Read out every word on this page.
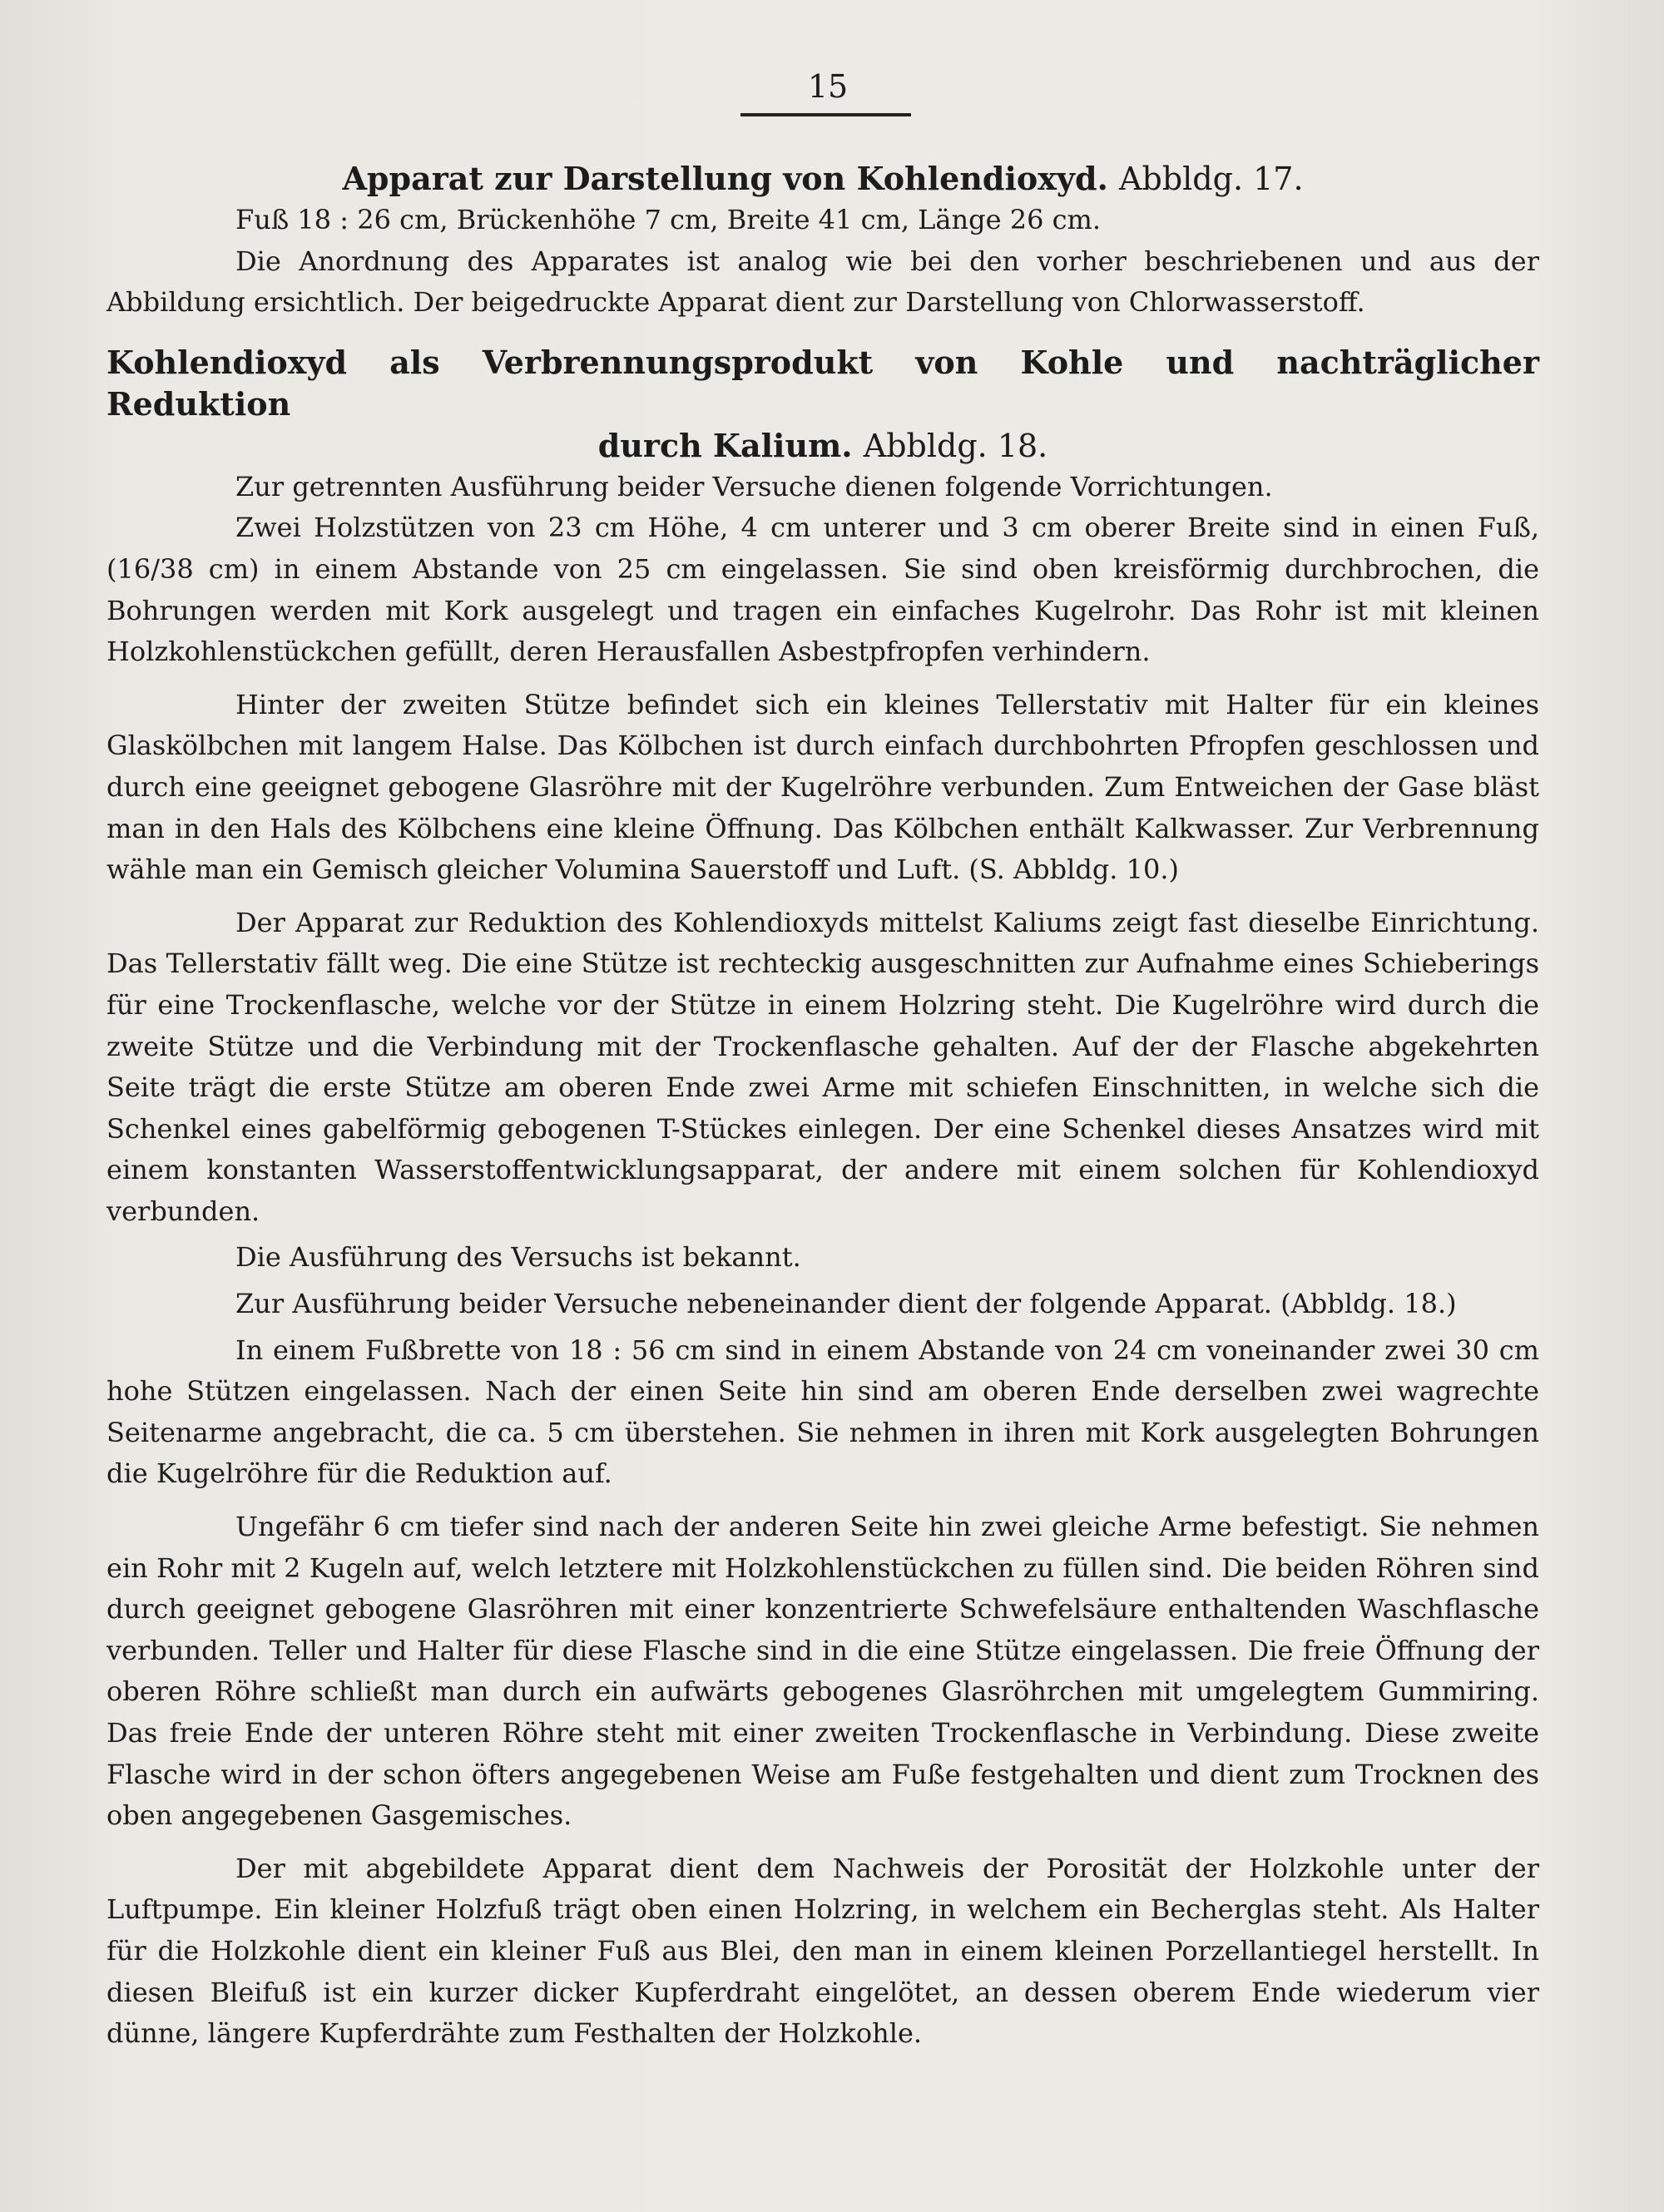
15
Apparat zur Darstellung von Kohlendioxyd. Abbldg. 17.

Fuß 18 : 26 cm, Brückenhöhe 7 cm, Breite 41 cm, Länge 26 cm.

Die Anordnung des Apparates ist analog wie bei den vorher beschriebenen und aus der Abbildung ersichtlich. Der beigedruckte Apparat dient zur Darstellung von Chlorwasserstoff.

Kohlendioxyd als Verbrennungsprodukt von Kohle und nachträglicher Reduktion
durch Kalium. Abbldg. 18.

Zur getrennten Ausführung beider Versuche dienen folgende Vorrichtungen.

Zwei Holzstützen von 23 cm Höhe, 4 cm unterer und 3 cm oberer Breite sind in einen Fuß, (16/38 cm) in einem Abstande von 25 cm eingelassen. Sie sind oben kreisförmig durchbrochen, die Bohrungen werden mit Kork ausgelegt und tragen ein einfaches Kugelrohr. Das Rohr ist mit kleinen Holzkohlenstückchen gefüllt, deren Herausfallen Asbestpfropfen verhindern.

Hinter der zweiten Stütze befindet sich ein kleines Tellerstativ mit Halter für ein kleines Glaskölbchen mit langem Halse. Das Kölbchen ist durch einfach durchbohrten Pfropfen geschlossen und durch eine geeignet gebogene Glasröhre mit der Kugelröhre verbunden. Zum Entweichen der Gase bläst man in den Hals des Kölbchens eine kleine Öffnung. Das Kölbchen enthält Kalkwasser. Zur Verbrennung wähle man ein Gemisch gleicher Volumina Sauerstoff und Luft. (S. Abbldg. 10.)

Der Apparat zur Reduktion des Kohlendioxyds mittelst Kaliums zeigt fast dieselbe Einrichtung. Das Tellerstativ fällt weg. Die eine Stütze ist rechteckig ausgeschnitten zur Aufnahme eines Schieberings für eine Trockenflasche, welche vor der Stütze in einem Holzring steht. Die Kugelröhre wird durch die zweite Stütze und die Verbindung mit der Trockenflasche gehalten. Auf der der Flasche abgekehrten Seite trägt die erste Stütze am oberen Ende zwei Arme mit schiefen Einschnitten, in welche sich die Schenkel eines gabelförmig gebogenen T-Stückes einlegen. Der eine Schenkel dieses Ansatzes wird mit einem konstanten Wasserstoffentwicklungsapparat, der andere mit einem solchen für Kohlendioxyd verbunden.

Die Ausführung des Versuchs ist bekannt.

Zur Ausführung beider Versuche nebeneinander dient der folgende Apparat. (Abbldg. 18.)

In einem Fußbrette von 18 : 56 cm sind in einem Abstande von 24 cm voneinander zwei 30 cm hohe Stützen eingelassen. Nach der einen Seite hin sind am oberen Ende derselben zwei wagrechte Seitenarme angebracht, die ca. 5 cm überstehen. Sie nehmen in ihren mit Kork ausgelegten Bohrungen die Kugelröhre für die Reduktion auf.

Ungefähr 6 cm tiefer sind nach der anderen Seite hin zwei gleiche Arme befestigt. Sie nehmen ein Rohr mit 2 Kugeln auf, welch letztere mit Holzkohlenstückchen zu füllen sind. Die beiden Röhren sind durch geeignet gebogene Glasröhren mit einer konzentrierte Schwefelsäure enthaltenden Waschflasche verbunden. Teller und Halter für diese Flasche sind in die eine Stütze eingelassen. Die freie Öffnung der oberen Röhre schließt man durch ein aufwärts gebogenes Glasröhrchen mit umgelegtem Gummiring. Das freie Ende der unteren Röhre steht mit einer zweiten Trockenflasche in Verbindung. Diese zweite Flasche wird in der schon öfters angegebenen Weise am Fuße festgehalten und dient zum Trocknen des oben angegebenen Gasgemisches.

Der mit abgebildete Apparat dient dem Nachweis der Porosität der Holzkohle unter der Luftpumpe. Ein kleiner Holzfuß trägt oben einen Holzring, in welchem ein Becherglas steht. Als Halter für die Holzkohle dient ein kleiner Fuß aus Blei, den man in einem kleinen Porzellantiegel herstellt. In diesen Bleifuß ist ein kurzer dicker Kupferdraht eingelötet, an dessen oberem Ende wiederum vier dünne, längere Kupferdrähte zum Festhalten der Holzkohle.
